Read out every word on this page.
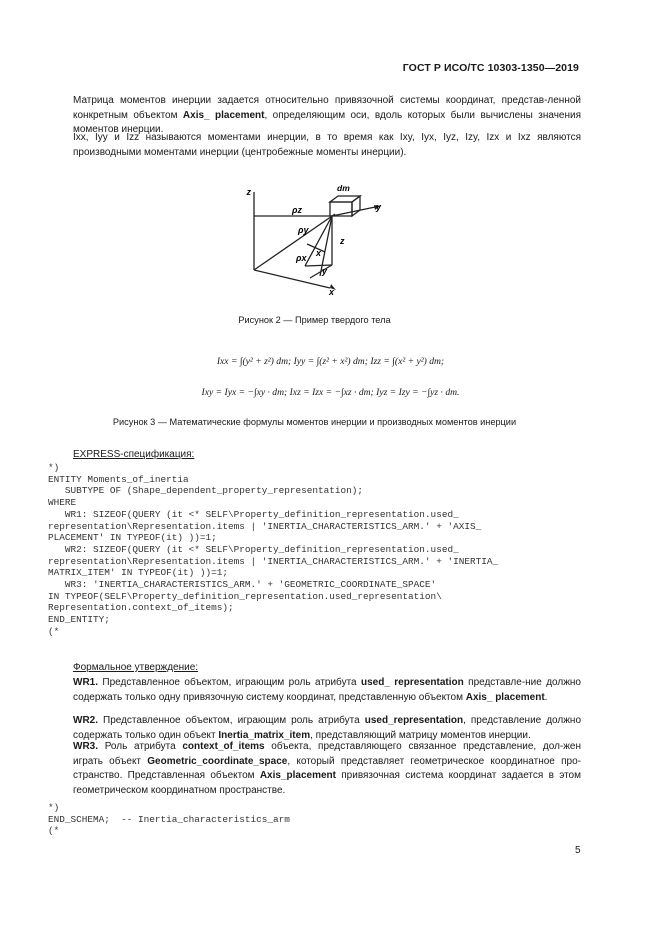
ГОСТ Р ИСО/ТС 10303-1350—2019
Матрица моментов инерции задается относительно привязочной системы координат, представ-ленной конкретным объектом Axis_ placement, определяющим оси, вдоль которых были вычислены значения моментов инерции.
Ixx, Iyy и Izz называются моментами инерции, в то время как Ixy, Iyx, Iyz, Izy, Izx и Ixz являются производными моментами инерции (центробежные моменты инерции).
z	dm
y
ρz
ρy
ρx
z
x
y
x
Рисунок 2 — Пример твердого тела
Ixx = ∫(y² + z²) dm; Iyy = ∫(z² + x²) dm; Izz = ∫(x² + y²) dm;
Ixy = Iyx = −∫xy · dm; Ixz = Izx = −∫xz · dm; Iyz = Izy = −∫yz · dm.
Рисунок 3 — Математические формулы моментов инерции и производных моментов инерции
EXPRESS-спецификация:
*)
ENTITY Moments_of_inertia
SUBTYPE OF (Shape_dependent_property_representation);
WHERE
WR1: SIZEOF(QUERY (it <* SELF\Property_definition_representation.used_
representation\Representation.items | 'INERTIA_CHARACTERISTICS_ARM.' + 'AXIS_
PLACEMENT' IN TYPEOF(it) ))=1;
WR2: SIZEOF(QUERY (it <* SELF\Property_definition_representation.used_
representation\Representation.items | 'INERTIA_CHARACTERISTICS_ARM.' + 'INERTIA_
MATRIX_ITEM' IN TYPEOF(it) ))=1;
WR3: 'INERTIA_CHARACTERISTICS_ARM.' + 'GEOMETRIC_COORDINATE_SPACE'
IN TYPEOF(SELF\Property_definition_representation.used_representation\
Representation.context_of_items);
END_ENTITY;
(*
Формальное утверждение:
WR1. Представленное объектом, играющим роль атрибута used_ representation представле-ние должно содержать только одну привязочную систему координат, представленную объектом Axis_ placement.
WR2. Представленное объектом, играющим роль атрибута used_representation, представление должно содержать только один объект Inertia_matrix_item, представляющий матрицу моментов инерции.
WR3. Роль атрибута context_of_items объекта, представляющего связанное представление, дол-жен играть объект Geometric_coordinate_space, который представляет геометрическое координатное про-странство. Представленная объектом Axis_placement привязочная система координат задается в этом геометрическом координатном пространстве.
*)
END_SCHEMA;  -- Inertia_characteristics_arm
(*
5
